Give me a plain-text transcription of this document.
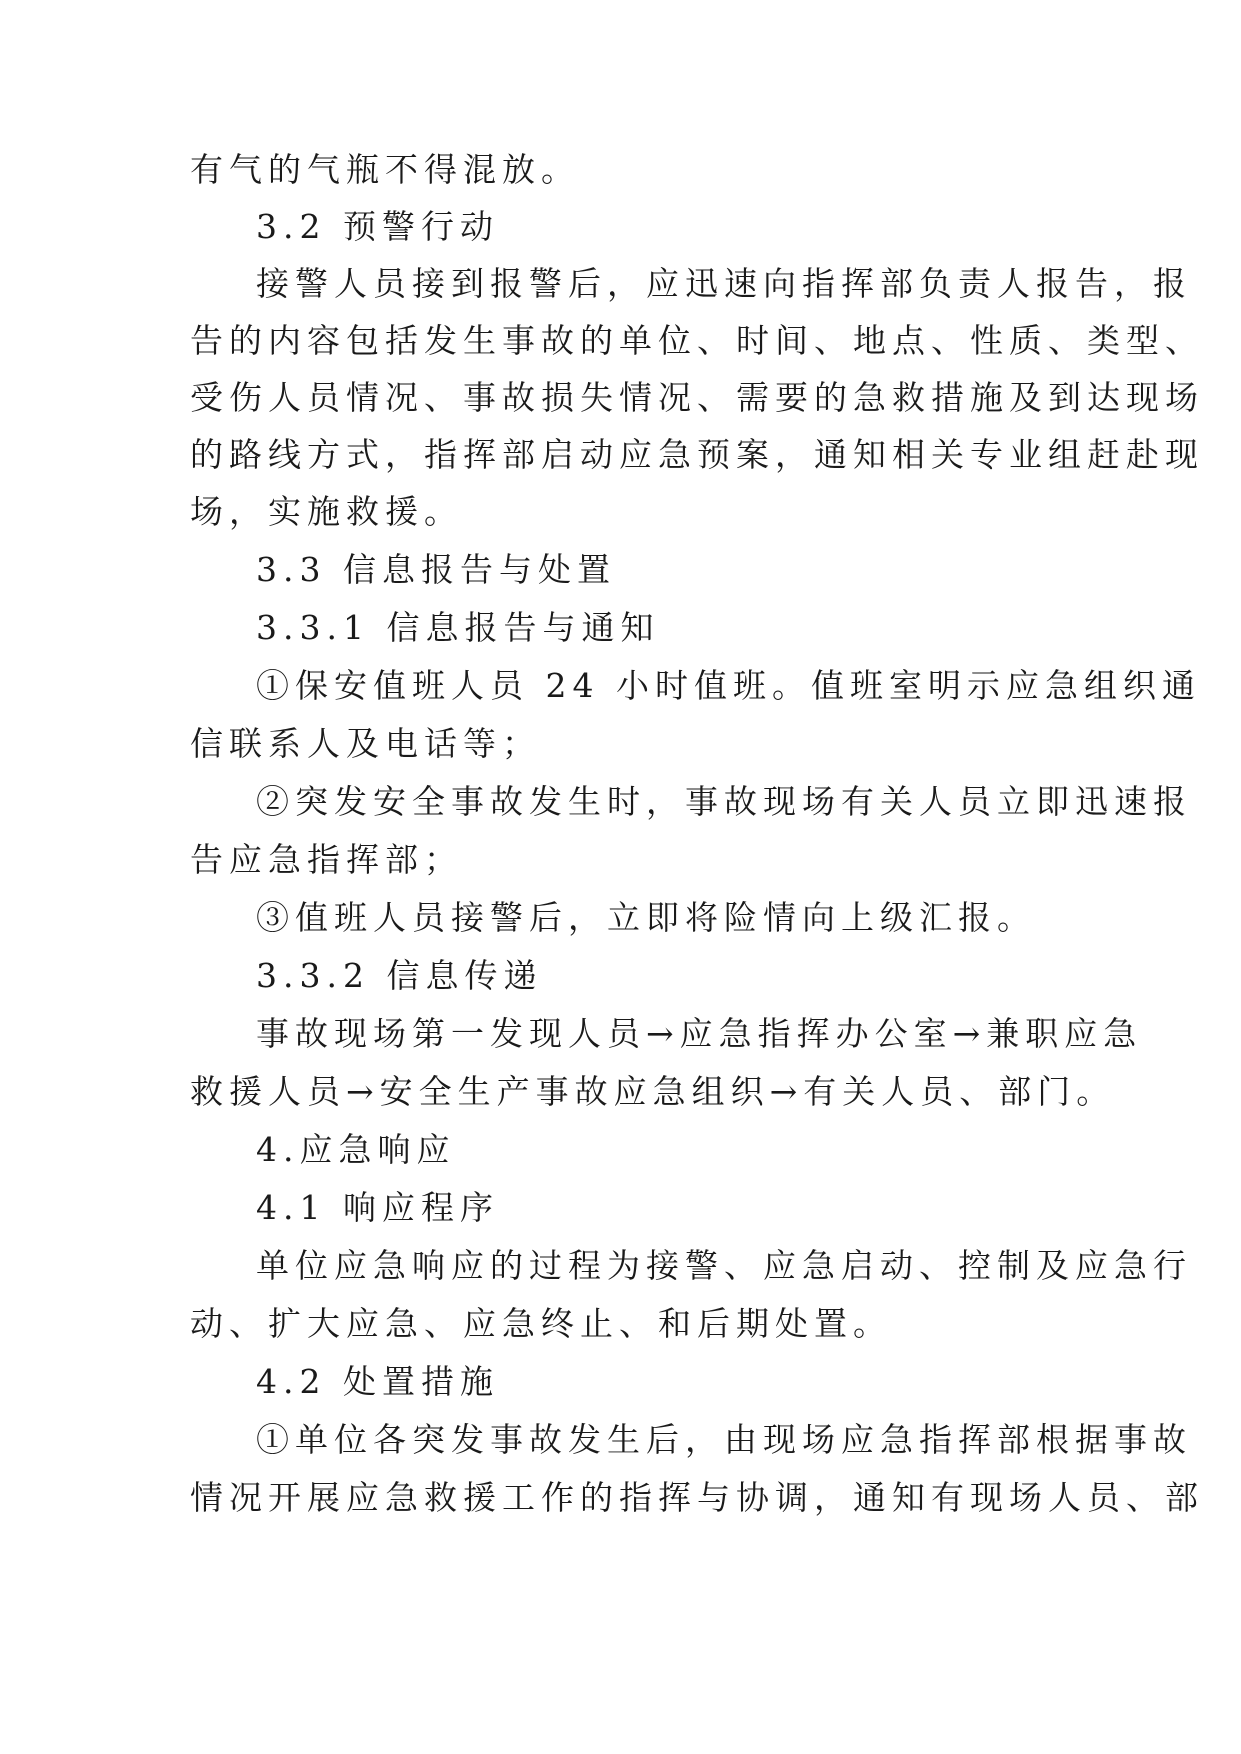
有气的气瓶不得混放。

3.2 预警行动

接警人员接到报警后，应迅速向指挥部负责人报告，报

告的内容包括发生事故的单位、时间、地点、性质、类型、

受伤人员情况、事故损失情况、需要的急救措施及到达现场

的路线方式，指挥部启动应急预案，通知相关专业组赶赴现

场，实施救援。

3.3 信息报告与处置

3.3.1 信息报告与通知

①保安值班人员 24 小时值班。值班室明示应急组织通

信联系人及电话等；

②突发安全事故发生时，事故现场有关人员立即迅速报

告应急指挥部；

③值班人员接警后，立即将险情向上级汇报。

3.3.2 信息传递

事故现场第一发现人员→应急指挥办公室→兼职应急

救援人员→安全生产事故应急组织→有关人员、部门。

4.应急响应

4.1 响应程序

单位应急响应的过程为接警、应急启动、控制及应急行

动、扩大应急、应急终止、和后期处置。

4.2 处置措施

①单位各突发事故发生后，由现场应急指挥部根据事故

情况开展应急救援工作的指挥与协调，通知有现场人员、部
